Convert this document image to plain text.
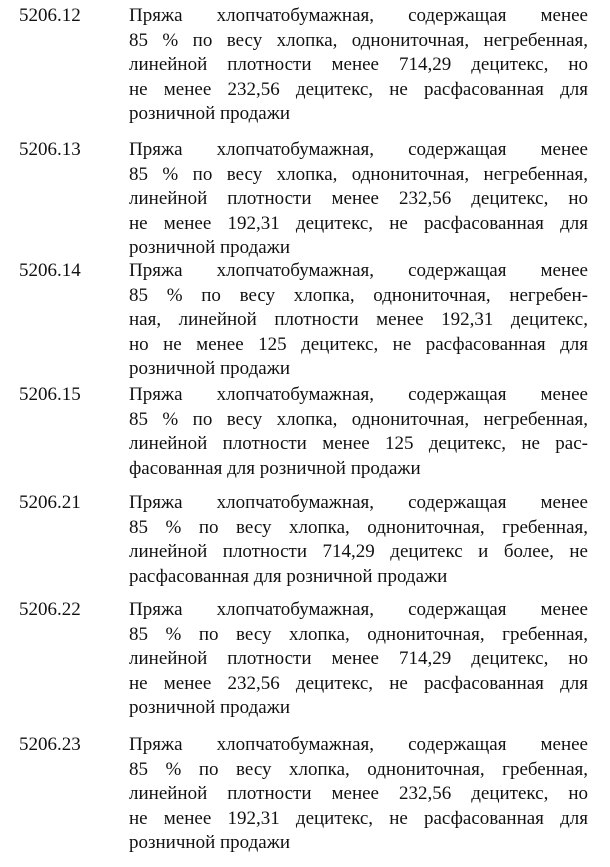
5206.12	Пряжа хлопчатобумажная, содержащая менее
85 % по весу хлопка, однониточная, негребенная,
линейной плотности менее 714,29 децитекс, но
не менее 232,56 децитекс, не расфасованная для
розничной продажи
5206.13	Пряжа хлопчатобумажная, содержащая менее
85 % по весу хлопка, однониточная, негребенная,
линейной плотности менее 232,56 децитекс, но
не менее 192,31 децитекс, не расфасованная для
розничной продажи
5206.14	Пряжа хлопчатобумажная, содержащая менее
85 % по весу хлопка, однониточная, негребен-
ная, линейной плотности менее 192,31 децитекс,
но не менее 125 децитекс, не расфасованная для
розничной продажи
5206.15	Пряжа хлопчатобумажная, содержащая менее
85 % по весу хлопка, однониточная, негребенная,
линейной плотности менее 125 децитекс, не рас-
фасованная для розничной продажи
5206.21	Пряжа хлопчатобумажная, содержащая менее
85 % по весу хлопка, однониточная, гребенная,
линейной плотности 714,29 децитекс и более, не
расфасованная для розничной продажи
5206.22	Пряжа хлопчатобумажная, содержащая менее
85 % по весу хлопка, однониточная, гребенная,
линейной плотности менее 714,29 децитекс, но
не менее 232,56 децитекс, не расфасованная для
розничной продажи
5206.23	Пряжа хлопчатобумажная, содержащая менее
85 % по весу хлопка, однониточная, гребенная,
линейной плотности менее 232,56 децитекс, но
не менее 192,31 децитекс, не расфасованная для
розничной продажи
